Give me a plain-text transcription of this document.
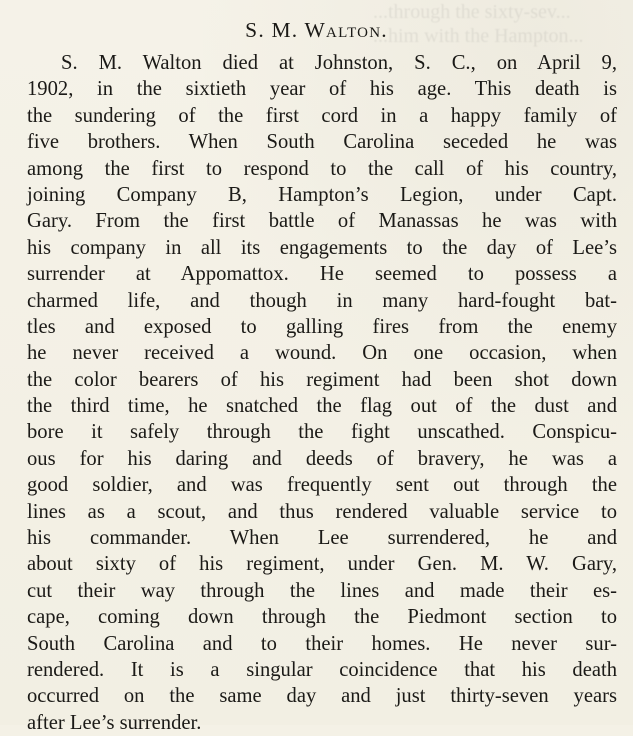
...through the sixty-sev...
...him with the Hampton...
S. M. Walton.
S. M. Walton died at Johnston, S. C., on April 9,
1902, in the sixtieth year of his age. This death is
the sundering of the first cord in a happy family of
five brothers. When South Carolina seceded he was
among the first to respond to the call of his country,
joining Company B, Hampton’s Legion, under Capt.
Gary. From the first battle of Manassas he was with
his company in all its engagements to the day of Lee’s
surrender at Appomattox. He seemed to possess a
charmed life, and though in many hard-fought bat-
tles and exposed to galling fires from the enemy
he never received a wound. On one occasion, when
the color bearers of his regiment had been shot down
the third time, he snatched the flag out of the dust and
bore it safely through the fight unscathed. Conspicu-
ous for his daring and deeds of bravery, he was a
good soldier, and was frequently sent out through the
lines as a scout, and thus rendered valuable service to
his commander. When Lee surrendered, he and
about sixty of his regiment, under Gen. M. W. Gary,
cut their way through the lines and made their es-
cape, coming down through the Piedmont section to
South Carolina and to their homes. He never sur-
rendered. It is a singular coincidence that his death
occurred on the same day and just thirty-seven years
after Lee’s surrender.
